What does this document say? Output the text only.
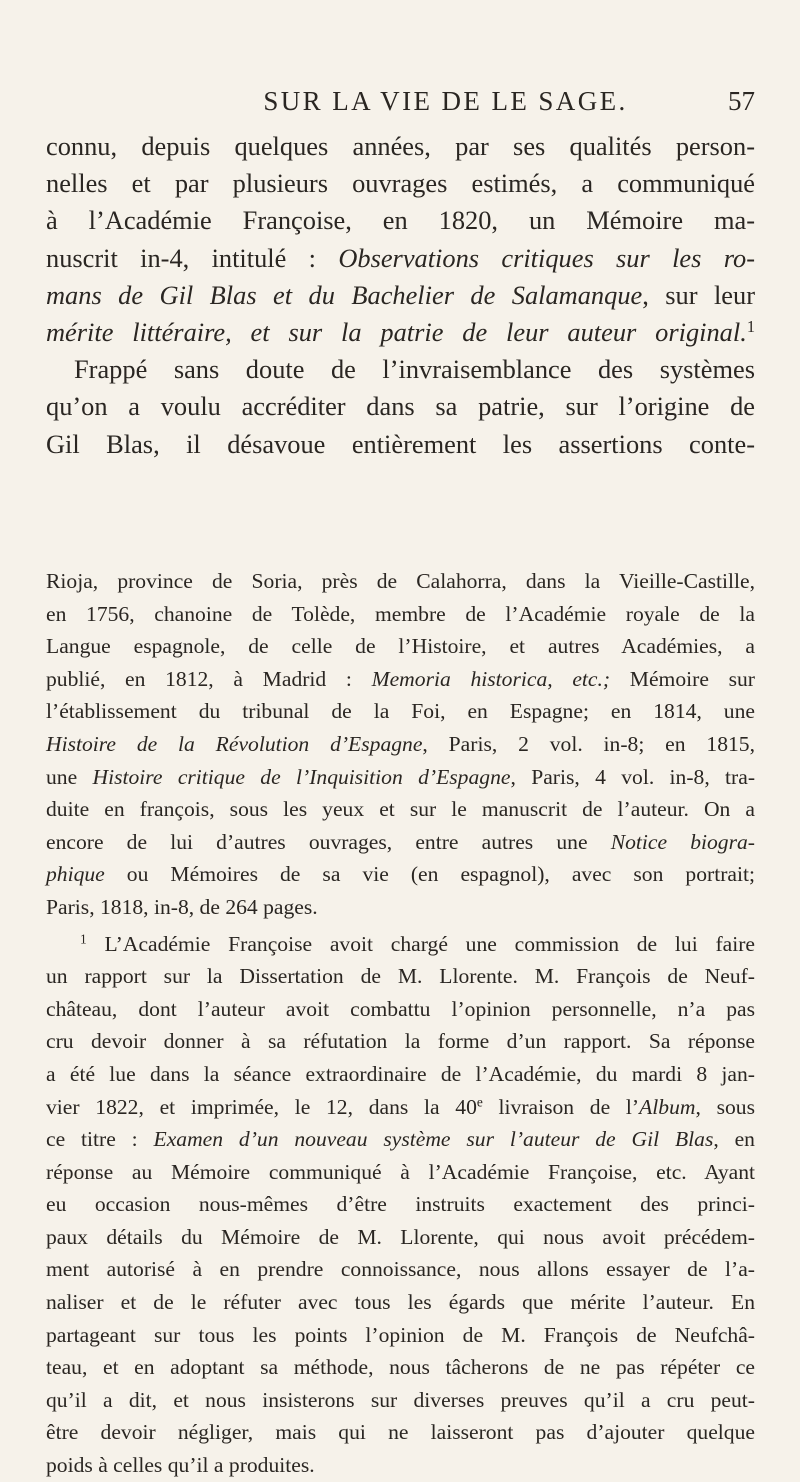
SUR LA VIE DE LE SAGE.	57
connu, depuis quelques années, par ses qualités person-
nelles et par plusieurs ouvrages estimés, a communiqué
à l’Académie Françoise, en 1820, un Mémoire ma-
nuscrit in-4, intitulé : Observations critiques sur les ro-
mans de Gil Blas et du Bachelier de Salamanque, sur leur
mérite littéraire, et sur la patrie de leur auteur original.$^1$
Frappé sans doute de l’invraisemblance des systèmes
qu’on a voulu accréditer dans sa patrie, sur l’origine de
Gil Blas, il désavoue entièrement les assertions conte-
Rioja, province de Soria, près de Calahorra, dans la Vieille-Castille,
en 1756, chanoine de Tolède, membre de l’Académie royale de la
Langue espagnole, de celle de l’Histoire, et autres Académies, a
publié, en 1812, à Madrid : Memoria historica, etc.; Mémoire sur
l’établissement du tribunal de la Foi, en Espagne; en 1814, une
Histoire de la Révolution d’Espagne, Paris, 2 vol. in-8; en 1815,
une Histoire critique de l’Inquisition d’Espagne, Paris, 4 vol. in-8, tra-
duite en françois, sous les yeux et sur le manuscrit de l’auteur. On a
encore de lui d’autres ouvrages, entre autres une Notice biogra-
phique ou Mémoires de sa vie (en espagnol), avec son portrait;
Paris, 1818, in-8, de 264 pages.
$^1$ L’Académie Françoise avoit chargé une commission de lui faire
un rapport sur la Dissertation de M. Llorente. M. François de Neuf-
château, dont l’auteur avoit combattu l’opinion personnelle, n’a pas
cru devoir donner à sa réfutation la forme d’un rapport. Sa réponse
a été lue dans la séance extraordinaire de l’Académie, du mardi 8 jan-
vier 1822, et imprimée, le 12, dans la 40e livraison de l’Album, sous
ce titre : Examen d’un nouveau système sur l’auteur de Gil Blas, en
réponse au Mémoire communiqué à l’Académie Françoise, etc. Ayant
eu occasion nous-mêmes d’être instruits exactement des princi-
paux détails du Mémoire de M. Llorente, qui nous avoit précédem-
ment autorisé à en prendre connoissance, nous allons essayer de l’a-
naliser et de le réfuter avec tous les égards que mérite l’auteur. En
partageant sur tous les points l’opinion de M. François de Neufchâ-
teau, et en adoptant sa méthode, nous tâcherons de ne pas répéter ce
qu’il a dit, et nous insisterons sur diverses preuves qu’il a cru peut-
être devoir négliger, mais qui ne laisseront pas d’ajouter quelque
poids à celles qu’il a produites.
